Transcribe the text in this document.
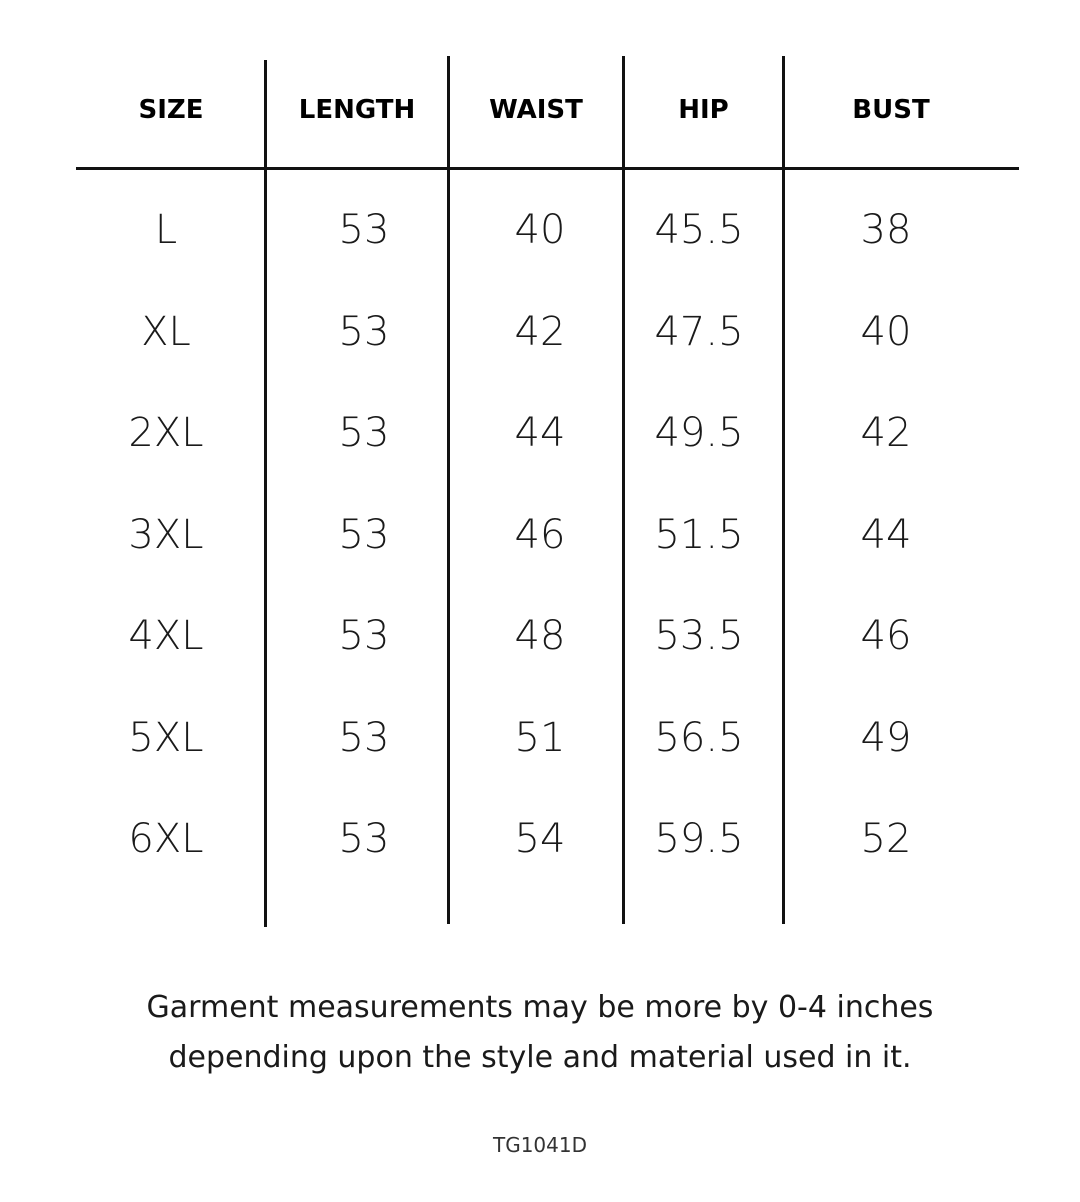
SIZE	LENGTH	WAIST	HIP	BUST
L	53	40	45.5	38
XL	53	42	47.5	40
2XL	53	44	49.5	42
3XL	53	46	51.5	44
4XL	53	48	53.5	46
5XL	53	51	56.5	49
6XL	53	54	59.5	52
Garment measurements may be more by 0-4 inches
depending upon the style and material used in it.
TG1041D
